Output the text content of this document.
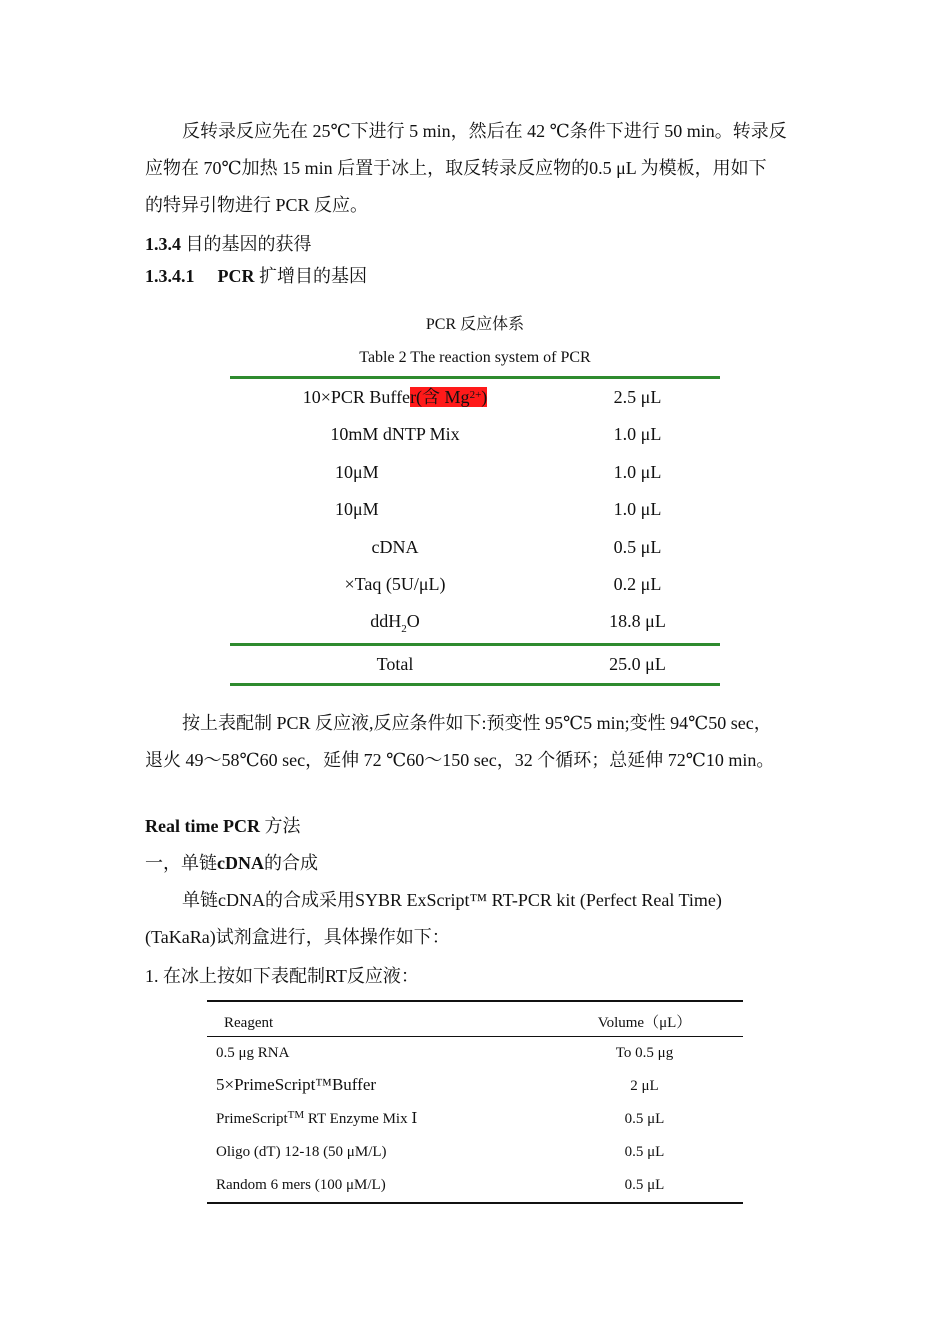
反转录反应先在 25℃下进行 5 min，然后在 42 ℃条件下进行 50 min。转录反
应物在 70℃加热 15 min 后置于冰上，取反转录反应物的0.5 μL 为模板，用如下
的特异引物进行 PCR 反应。
1.3.4 目的基因的获得
1.3.4.1 PCR 扩增目的基因
PCR 反应体系
Table 2 The reaction system of PCR
10×PCR Buffer(含 $Mg^{2+}$)	2.5 μL
10mM dNTP Mix	1.0 μL
10μM	1.0 μL
10μM	1.0 μL
cDNA	0.5 μL
×Taq (5U/μL)	0.2 μL
ddH$_2$O	18.8 μL
Total	25.0 μL
按上表配制 PCR 反应液,反应条件如下:预变性 95℃5 min;变性 94℃50 sec，
退火 49～58℃60 sec，延伸 72 ℃60～150 sec，32 个循环；总延伸 72℃10 min。
Real time PCR 方法
一，单链cDNA的合成
单链cDNA的合成采用SYBR ExScript™ RT-PCR kit (Perfect Real Time)
(TaKaRa)试剂盒进行，具体操作如下：
1. 在冰上按如下表配制RT反应液：
Reagent	Volume（μL）
0.5 μg RNA	To 0.5 μg
5×PrimeScript™Buffer	2 μL
PrimeScript™ RT Enzyme Mix Ⅰ	0.5 μL
Oligo (dT) 12-18 (50 μM/L)	0.5 μL
Random 6 mers (100 μM/L)	0.5 μL
